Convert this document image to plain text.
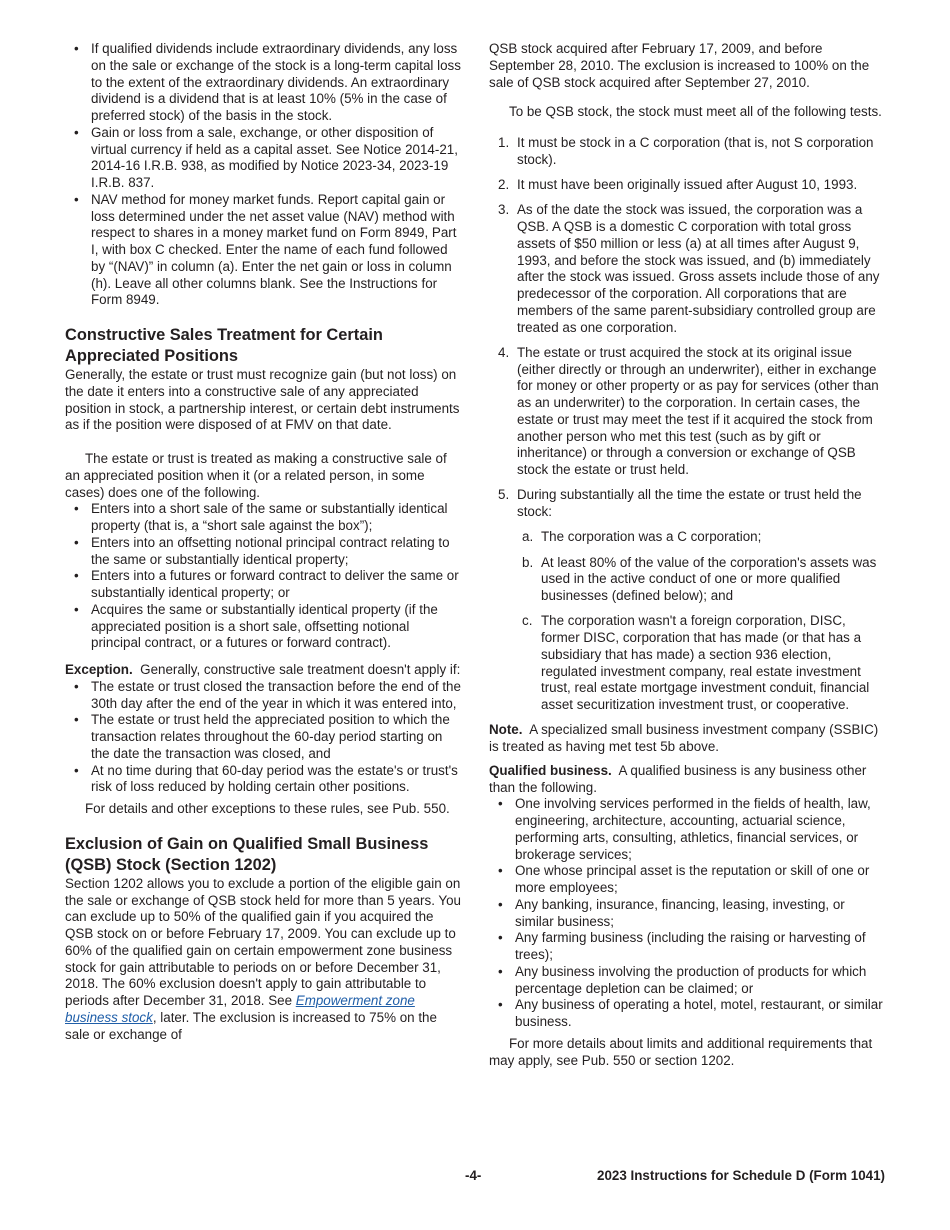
• If qualified dividends include extraordinary dividends, any loss on the sale or exchange of the stock is a long-term capital loss to the extent of the extraordinary dividends. An extraordinary dividend is a dividend that is at least 10% (5% in the case of preferred stock) of the basis in the stock.
• Gain or loss from a sale, exchange, or other disposition of virtual currency if held as a capital asset. See Notice 2014-21, 2014-16 I.R.B. 938, as modified by Notice 2023-34, 2023-19 I.R.B. 837.
• NAV method for money market funds. Report capital gain or loss determined under the net asset value (NAV) method with respect to shares in a money market fund on Form 8949, Part I, with box C checked. Enter the name of each fund followed by “(NAV)” in column (a). Enter the net gain or loss in column (h). Leave all other columns blank. See the Instructions for Form 8949.
Constructive Sales Treatment for Certain Appreciated Positions

Generally, the estate or trust must recognize gain (but not loss) on the date it enters into a constructive sale of any appreciated position in stock, a partnership interest, or certain debt instruments as if the position were disposed of at FMV on that date.

The estate or trust is treated as making a constructive sale of an appreciated position when it (or a related person, in some cases) does one of the following.

• Enters into a short sale of the same or substantially identical property (that is, a “short sale against the box”);
• Enters into an offsetting notional principal contract relating to the same or substantially identical property;
• Enters into a futures or forward contract to deliver the same or substantially identical property; or
• Acquires the same or substantially identical property (if the appreciated position is a short sale, offsetting notional principal contract, or a futures or forward contract).

Exception. Generally, constructive sale treatment doesn't apply if:

• The estate or trust closed the transaction before the end of the 30th day after the end of the year in which it was entered into,
• The estate or trust held the appreciated position to which the transaction relates throughout the 60-day period starting on the date the transaction was closed, and
• At no time during that 60-day period was the estate's or trust's risk of loss reduced by holding certain other positions.

For details and other exceptions to these rules, see Pub. 550.

Exclusion of Gain on Qualified Small Business (QSB) Stock (Section 1202)

Section 1202 allows you to exclude a portion of the eligible gain on the sale or exchange of QSB stock held for more than 5 years. You can exclude up to 50% of the qualified gain if you acquired the QSB stock on or before February 17, 2009. You can exclude up to 60% of the qualified gain on certain empowerment zone business stock for gain attributable to periods on or before December 31, 2018. The 60% exclusion doesn't apply to gain attributable to periods after December 31, 2018. See Empowerment zone business stock, later. The exclusion is increased to 75% on the sale or exchange of

QSB stock acquired after February 17, 2009, and before September 28, 2010. The exclusion is increased to 100% on the sale of QSB stock acquired after September 27, 2010.

To be QSB stock, the stock must meet all of the following tests.

1. It must be stock in a C corporation (that is, not S corporation stock).
2. It must have been originally issued after August 10, 1993.
3. As of the date the stock was issued, the corporation was a QSB. A QSB is a domestic C corporation with total gross assets of $50 million or less (a) at all times after August 9, 1993, and before the stock was issued, and (b) immediately after the stock was issued. Gross assets include those of any predecessor of the corporation. All corporations that are members of the same parent-subsidiary controlled group are treated as one corporation.
4. The estate or trust acquired the stock at its original issue (either directly or through an underwriter), either in exchange for money or other property or as pay for services (other than as an underwriter) to the corporation. In certain cases, the estate or trust may meet the test if it acquired the stock from another person who met this test (such as by gift or inheritance) or through a conversion or exchange of QSB stock the estate or trust held.
5. During substantially all the time the estate or trust held the stock:
a. The corporation was a C corporation;
b. At least 80% of the value of the corporation's assets was used in the active conduct of one or more qualified businesses (defined below); and
c. The corporation wasn't a foreign corporation, DISC, former DISC, corporation that has made (or that has a subsidiary that has made) a section 936 election, regulated investment company, real estate investment trust, real estate mortgage investment conduit, financial asset securitization investment trust, or cooperative.

Note. A specialized small business investment company (SSBIC) is treated as having met test 5b above.

Qualified business. A qualified business is any business other than the following.

• One involving services performed in the fields of health, law, engineering, architecture, accounting, actuarial science, performing arts, consulting, athletics, financial services, or brokerage services;
• One whose principal asset is the reputation or skill of one or more employees;
• Any banking, insurance, financing, leasing, investing, or similar business;
• Any farming business (including the raising or harvesting of trees);
• Any business involving the production of products for which percentage depletion can be claimed; or
• Any business of operating a hotel, motel, restaurant, or similar business.

For more details about limits and additional requirements that may apply, see Pub. 550 or section 1202.

-4-	2023 Instructions for Schedule D (Form 1041)
